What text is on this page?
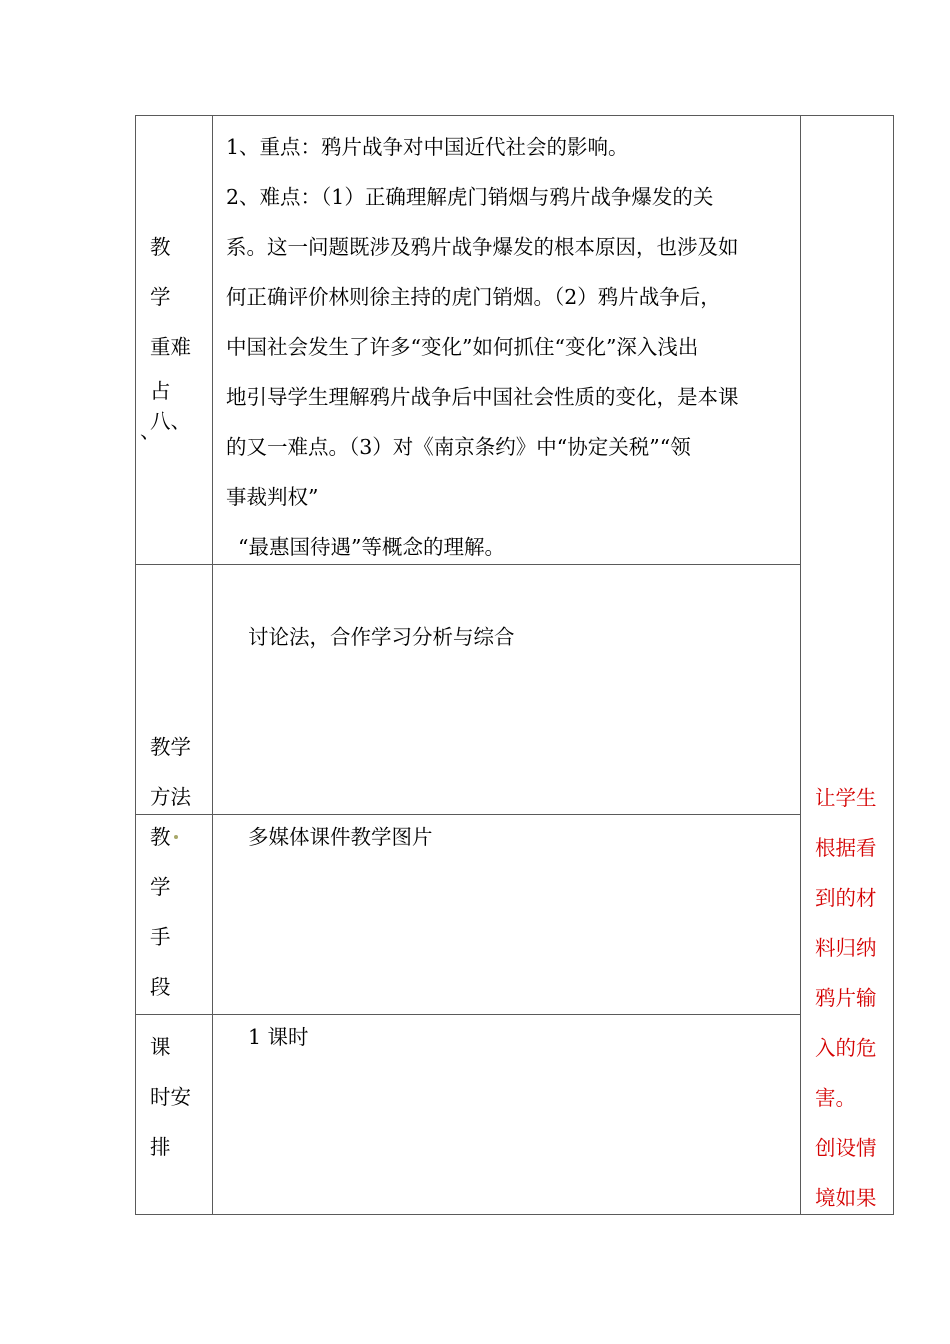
教
学
重难
占
八、
、

1、重点：鸦片战争对中国近代社会的影响。

2、难点：（1）正确理解虎门销烟与鸦片战争爆发的关

系。这一问题既涉及鸦片战争爆发的根本原因，也涉及如

何正确评价林则徐主持的虎门销烟。（2）鸦片战争后，

中国社会发生了许多“变化”如何抓住“变化”深入浅出

地引导学生理解鸦片战争后中国社会性质的变化，是本课

的又一难点。（3）对《南京条约》中“协定关税”“领

事裁判权”

“最惠国待遇”等概念的理解。

教学
方法

讨论法，合作学习分析与综合

教
学
手
段

多媒体课件教学图片

课
时安
排

1 课时

让学生
根据看
到的材
料归纳
鸦片输
入的危
害。
创设情
境如果
